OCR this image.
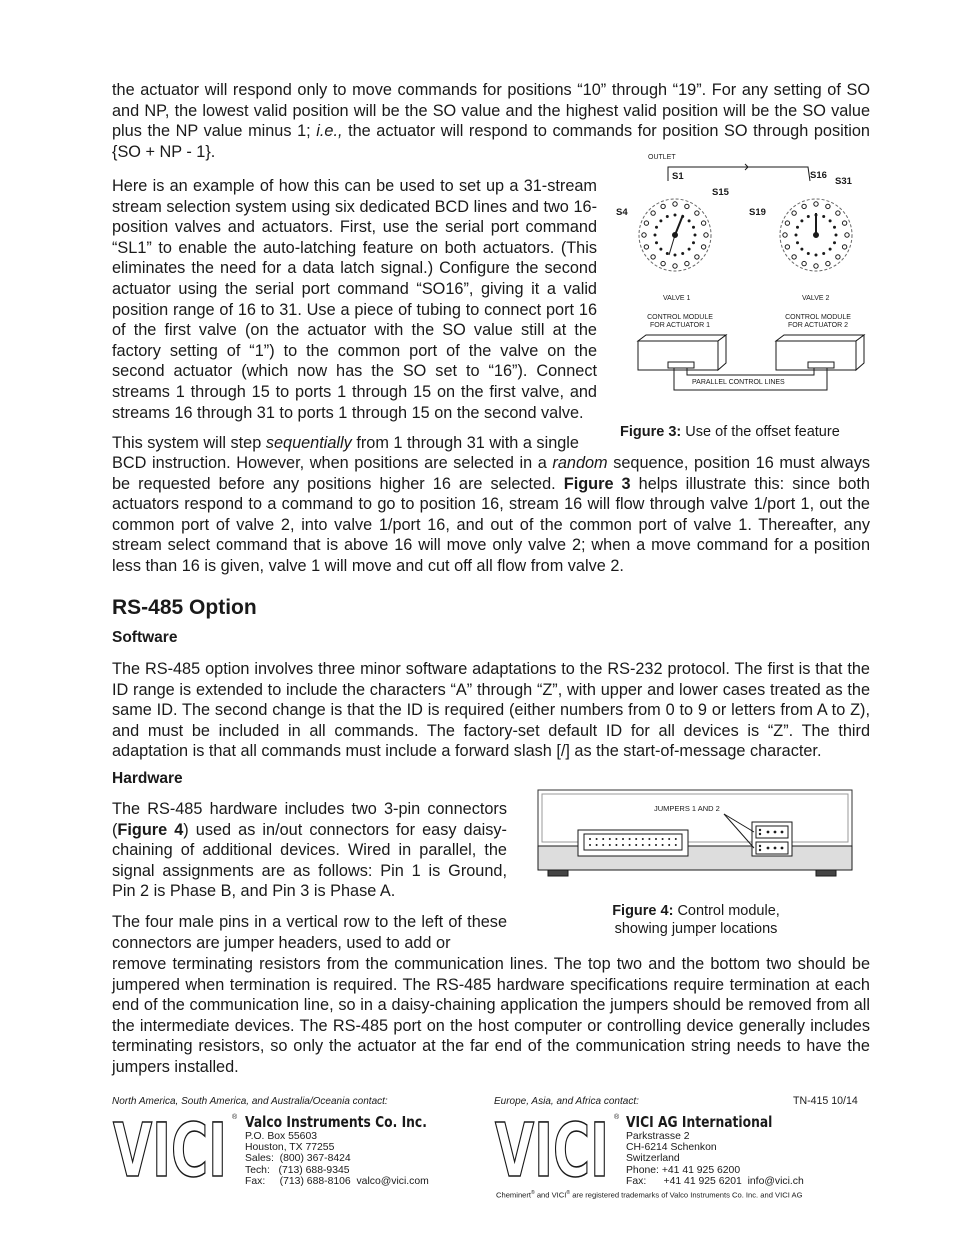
the actuator will respond only to move commands for positions “10” through “19”. For any setting of SO and NP, the lowest valid position will be the SO value and the highest valid position will be the SO value plus the NP value minus 1; i.e., the actuator will respond to commands for position SO through position {SO + NP - 1}.
Here is an example of how this can be used to set up a 31-stream stream selection system using six dedicated BCD lines and two 16-position valves and actuators. First, use the serial port command “SL1” to enable the auto-latching feature on both actuators. (This eliminates the need for a data latch signal.) Configure the second actuator using the serial port command “SO16”, giving it a valid position range of 16 to 31. Use a piece of tubing to connect port 16 of the first valve (on the actuator with the SO value still at the factory setting of “1”) to the common port of the valve on the second actuator (which now has the SO set to “16”). Connect streams 1 through 15 to ports 1 through 15 on the first valve, and streams 16 through 31 to ports 1 through 15 on the second valve.
This system will step sequentially from 1 through 31 with a single
BCD instruction. However, when positions are selected in a random sequence, position 16 must always be requested before any positions higher 16 are selected. Figure 3 helps illustrate this: since both actuators respond to a command to go to position 16, stream 16 will flow through valve 1/port 1, out the common port of valve 2, into valve 1/port 16, and out of the common port of valve 1. Thereafter, any stream select command that is above 16 will move only valve 2; when a move command for a position less than 16 is given, valve 1 will move and cut off all flow from valve 2.
OUTLET
S1
S15
S4
S16
S31
S19
VALVE 1	VALVE 2
CONTROL MODULE
FOR ACTUATOR 1
CONTROL MODULE
FOR ACTUATOR 2
PARALLEL CONTROL LINES
Figure 3: Use of the offset feature
RS-485 Option
Software
The RS-485 option involves three minor software adaptations to the RS-232 protocol. The first is that the ID range is extended to include the characters “A” through “Z”, with upper and lower cases treated as the same ID. The second change is that the ID is required (either numbers from 0 to 9 or letters from A to Z), and must be included in all commands. The factory-set default ID for all devices is “Z”. The third adaptation is that all commands must include a forward slash [/] as the start-of-message character.
Hardware
The RS-485 hardware includes two 3-pin connectors (Figure 4) used as in/out connectors for easy daisy-chaining of additional devices. Wired in parallel, the signal assignments are as follows: Pin 1 is Ground, Pin 2 is Phase B, and Pin 3 is Phase A.
The four male pins in a vertical row to the left of these connectors are jumper headers, used to add or
remove terminating resistors from the communication lines. The top two and the bottom two should be jumpered when termination is required. The RS-485 hardware specifications require termination at each end of the communication line, so in a daisy-chaining application the jumpers should be removed from all the intermediate devices. The RS-485 port on the host computer or controlling device generally includes terminating resistors, so only the actuator at the far end of the communication string needs to have the jumpers installed.
JUMPERS 1 AND 2
Figure 4: Control module,
showing jumper locations
North America, South America, and Australia/Oceania contact:	Europe, Asia, and Africa contact:	TN-415 10/14
VICI ® Valco Instruments Co. Inc.
P.O. Box 55603
Houston, TX 77255
Sales:  (800) 367-8424
Tech:   (713) 688-9345
Fax:     (713) 688-8106  valco@vici.com VICI ® VICI AG International
Parkstrasse 2
CH-6214 Schenkon
Switzerland
Phone: +41 41 925 6200
Fax:      +41 41 925 6201  info@vici.ch
Cheminert® and VICI® are registered trademarks of Valco Instruments Co. Inc. and VICI AG
